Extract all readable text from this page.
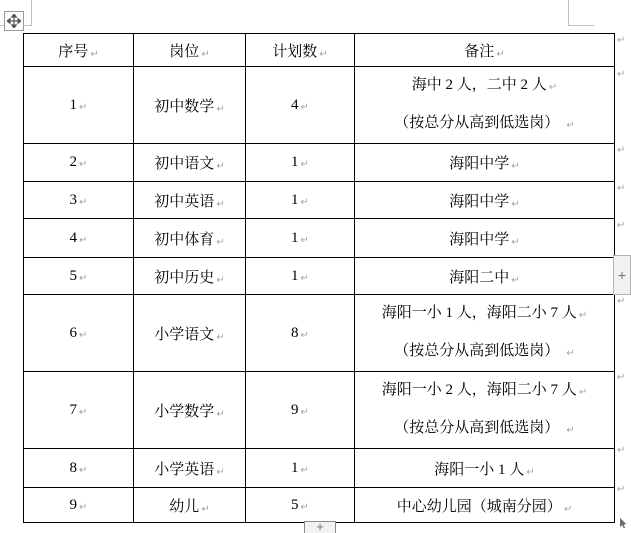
序号 ↵	岗位 ↵	计划数 ↵	备注 ↵
1 ↵	初中数学 ↵	4 ↵	海中 2 人，二中 2 人 ↵
（按总分从高到低选岗） ↵

2 ↵	初中语文 ↵	1 ↵	海阳中学 ↵
3 ↵	初中英语 ↵	1 ↵	海阳中学 ↵
4 ↵	初中体育 ↵	1 ↵	海阳中学 ↵
5 ↵	初中历史 ↵	1 ↵	海阳二中 ↵
6 ↵	小学语文 ↵	8 ↵	海阳一小 1 人，海阳二小 7 人 ↵
（按总分从高到低选岗） ↵

7 ↵	小学数学 ↵	9 ↵	海阳一小 2 人，海阳二小 7 人 ↵
（按总分从高到低选岗） ↵

8 ↵	小学英语 ↵	1 ↵	海阳一小 1 人 ↵
9 ↵	幼儿 ↵	5 ↵	中心幼儿园（城南分园） ↵
↵
↵
↵
↵
↵
↵
↵
↵
↵
+
+
